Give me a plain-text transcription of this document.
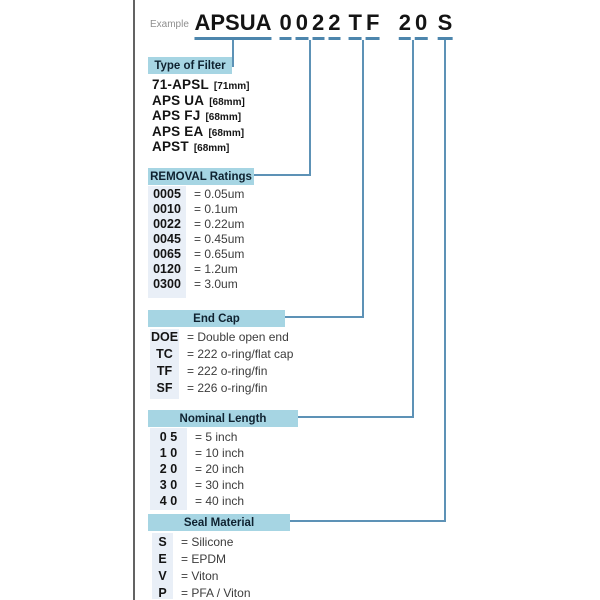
Example A P S U A 0 0 2 2 T F 2 0 S
Type of Filter
REMOVAL Ratings
End Cap
Nominal Length
Seal Material
71-APSL [71mm]
APS UA [68mm]
APS FJ [68mm]
APS EA [68mm]
APST [68mm]
0005	= 0.05um
0010	= 0.1um
0022	= 0.22um
0045	= 0.45um
0065	= 0.65um
0120	= 1.2um
0300	= 3.0um
DOE = Double open end
TC	= 222 o-ring/flat cap
TF	= 222 o-ring/fin
SF	= 226 o-ring/fin
0 5	= 5 inch
1 0	= 10 inch
2 0	= 20 inch
3 0	= 30 inch
4 0	= 40 inch
S	= Silicone
E	= EPDM
V	= Viton
P	= PFA / Viton
